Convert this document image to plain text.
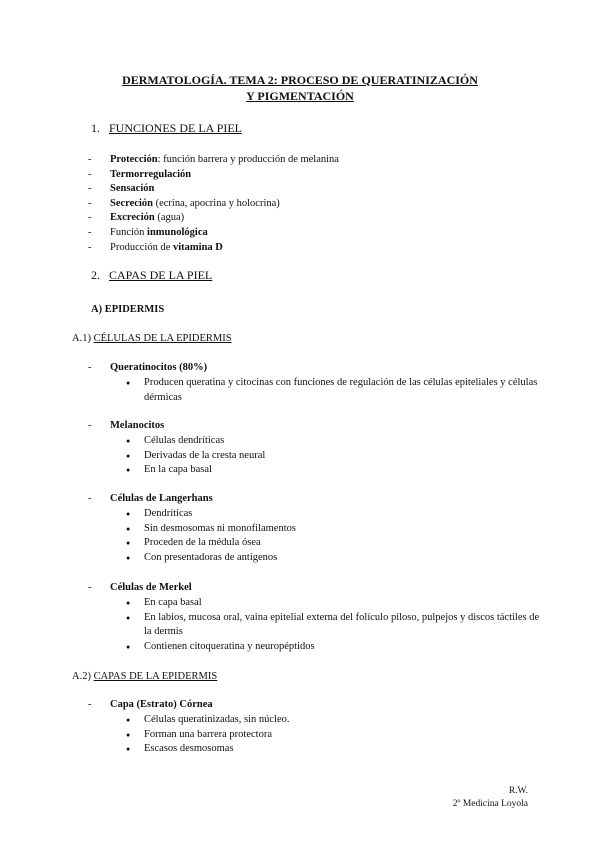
DERMATOLOGÍA. TEMA 2: PROCESO DE QUERATINIZACIÓN
Y PIGMENTACIÓN
1. FUNCIONES DE LA PIEL
- Protección: función barrera y producción de melanina
- Termorregulación
- Sensación
- Secreción (ecrina, apocrina y holocrina)
- Excreción (agua)
- Función inmunológica
- Producción de vitamina D
2. CAPAS DE LA PIEL
A) EPIDERMIS
A.1) CÉLULAS DE LA EPIDERMIS
- Queratinocitos (80%)
● Producen queratina y citocinas con funciones de regulación de las células epiteliales y células dérmicas
- Melanocitos
● Células dendríticas
● Derivadas de la cresta neural
● En la capa basal
- Células de Langerhans
● Dendríticas
● Sin desmosomas ni monofilamentos
● Proceden de la médula ósea
● Con presentadoras de antígenos
- Células de Merkel
● En capa basal
● En labios, mucosa oral, vaina epitelial externa del folículo piloso, pulpejos y discos táctiles de la dermis
● Contienen citoqueratina y neuropéptidos
A.2) CAPAS DE LA EPIDERMIS
- Capa (Estrato) Córnea
● Células queratinizadas, sin núcleo.
● Forman una barrera protectora
● Escasos desmosomas
R.W.
2º Medicina Loyola
